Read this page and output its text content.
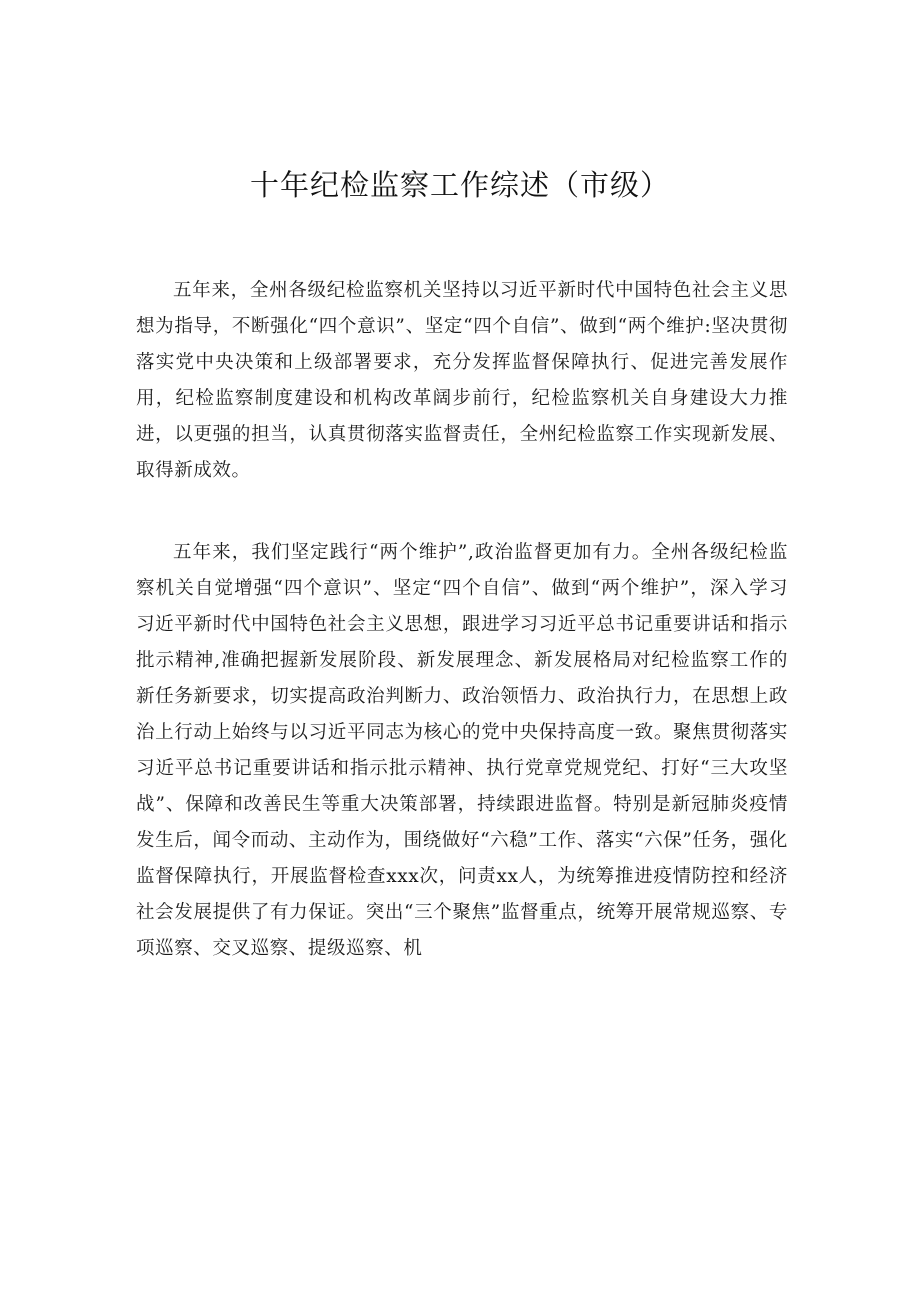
十年纪检监察工作综述（市级）

五年来，全州各级纪检监察机关坚持以习近平新时代中国特色社会主义思想为指导，不断强化“四个意识”、坚定“四个自信”、做到“两个维护:坚决贯彻落实党中央决策和上级部署要求，充分发挥监督保障执行、促进完善发展作用，纪检监察制度建设和机构改革阔步前行，纪检监察机关自身建设大力推进，以更强的担当，认真贯彻落实监督责任，全州纪检监察工作实现新发展、取得新成效。

五年来，我们坚定践行“两个维护”,政治监督更加有力。全州各级纪检监察机关自觉增强“四个意识”、坚定“四个自信”、做到“两个维护”，深入学习习近平新时代中国特色社会主义思想，跟进学习习近平总书记重要讲话和指示批示精神,准确把握新发展阶段、新发展理念、新发展格局对纪检监察工作的新任务新要求，切实提高政治判断力、政治领悟力、政治执行力，在思想上政治上行动上始终与以习近平同志为核心的党中央保持高度一致。聚焦贯彻落实习近平总书记重要讲话和指示批示精神、执行党章党规党纪、打好“三大攻坚战”、保障和改善民生等重大决策部署，持续跟进监督。特别是新冠肺炎疫情发生后，闻令而动、主动作为，围绕做好“六稳”工作、落实“六保”任务，强化监督保障执行，开展监督检查xxx次，问责xx人，为统筹推进疫情防控和经济社会发展提供了有力保证。突出“三个聚焦”监督重点，统筹开展常规巡察、专项巡察、交叉巡察、提级巡察、机
